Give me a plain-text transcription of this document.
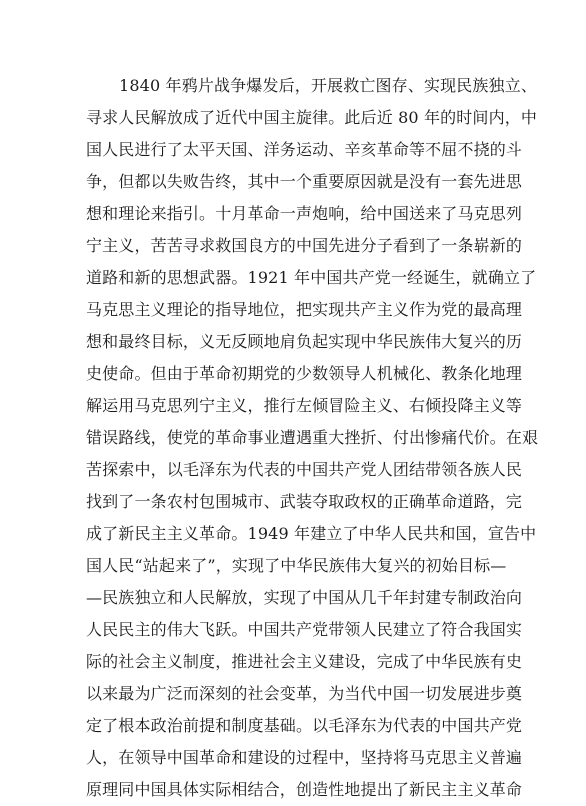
1840 年鸦片战争爆发后，开展救亡图存、实现民族独立、
寻求人民解放成了近代中国主旋律。此后近 80 年的时间内，中
国人民进行了太平天国、洋务运动、辛亥革命等不屈不挠的斗
争，但都以失败告终，其中一个重要原因就是没有一套先进思
想和理论来指引。十月革命一声炮响，给中国送来了马克思列
宁主义，苦苦寻求救国良方的中国先进分子看到了一条崭新的
道路和新的思想武器。1921 年中国共产党一经诞生，就确立了
马克思主义理论的指导地位，把实现共产主义作为党的最高理
想和最终目标，义无反顾地肩负起实现中华民族伟大复兴的历
史使命。但由于革命初期党的少数领导人机械化、教条化地理
解运用马克思列宁主义，推行左倾冒险主义、右倾投降主义等
错误路线，使党的革命事业遭遇重大挫折、付出惨痛代价。在艰
苦探索中，以毛泽东为代表的中国共产党人团结带领各族人民
找到了一条农村包围城市、武装夺取政权的正确革命道路，完
成了新民主主义革命。1949 年建立了中华人民共和国，宣告中
国人民“站起来了”，实现了中华民族伟大复兴的初始目标—
—民族独立和人民解放，实现了中国从几千年封建专制政治向
人民民主的伟大飞跃。中国共产党带领人民建立了符合我国实
际的社会主义制度，推进社会主义建设，完成了中华民族有史
以来最为广泛而深刻的社会变革，为当代中国一切发展进步奠
定了根本政治前提和制度基础。以毛泽东为代表的中国共产党
人，在领导中国革命和建设的过程中，坚持将马克思主义普遍
原理同中国具体实际相结合，创造性地提出了新民主主义革命
